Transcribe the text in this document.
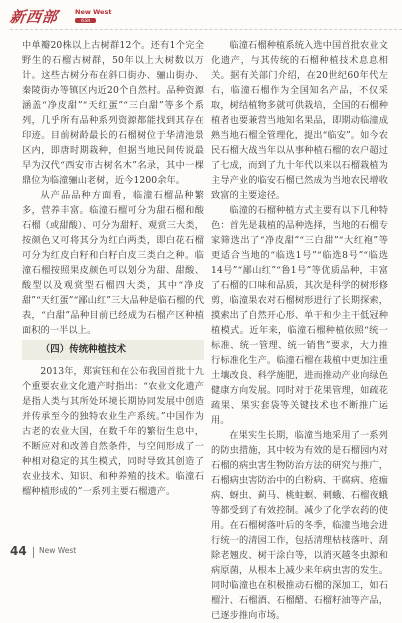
新西部 New West
ISSN

中单瓣20株以上古树群12个。还有1个完全野生的石榴古树群，50年以上大树数以万计。这些古树分布在斜口街办、骊山街办、秦陵街办等镇区内近20个自然村。品种资源涵盖“净皮甜”“天红蛋”“三白甜”等多个系列，几乎所有品种系列资源都能找到其存在印迹。目前树龄最长的石榴树位于华清池景区内，即唐时期栽种，但据当地民间传说最早为汉代“西安市古树名木”名录，其中一棵鼎位为临潼骊山老树，近今1200余年。

从产品品种方面看，临潼石榴品种繁多，营养丰富。临潼石榴可分为甜石榴和酸石榴（或甜酸）、可分为甜籽、观赏三大类，按颜色又可将其分为红白两类，即白花石榴可分为红皮白籽和白籽白皮三类白之种。临潼石榴按照果皮颜色可以划分为甜、甜酸、酸型以及观赏型石榴四大类，其中“净皮甜”“天红蛋”“鄙山红”三大品种是临石榴的代表，“白甜”品种目前已经成为石榴产区种植面积的一半以上。

（四）传统种植技术

2013年，郑寅钰和在公布我国首批十九个重要农业文化遗产时指出：“农业文化遗产是指人类与其所处环境长期协同发展中创造并传承至今的独特农业生产系统。”中国作为古老的农业大国，在数千年的繁衍生息中，不断应对和改善自然条件，与空间形成了一种相对稳定的其生模式，同时导致其创造了农业技术、知识、和种养殖的技术。临潼石榴种植形成的”一系列主要石榴遗产。

临潼石榴种植系统入选中国首批农业文化遗产，与其传统的石榴种植技术息息相关。据有关部门介绍，在20世纪60年代左右，临潼石榴作为全国知名产品，不仅采取，树结植物多就可供栽培，全国的石榴种植者也要兼营当地知名果品，即期动临潼成熟当地石榴全管理化，提出“临安”。如今农民石榴大战当年以从事种植石榴的农户超过了七成，而到了九十年代以来以石榴栽植为主导产业的临安石榴已然成为当地农民增收致富的主要途径。

临潼的石榴种植方式主要有以下几种特色：首先是栽植的品种选择，当地的石榴专家筛选出了“净皮甜”“三白甜”“大红袍”等更适合当地的“临选1号”“临选8号”“临选14号”“鄙山红”“鲁1号”等优质品种，丰富了石榴的口味和品质，其次是科学的树形修剪，临潼果农对石榴树形进行了长期探索，摸索出了自然开心形、单干和少主干低冠种植模式。近年来，临潼石榴种植依照“统一标准、统一管理、统一销售”要求，大力推行标准化生产。临潼石榴在栽植中更加注重土壤改良、科学施肥，进而推动产业向绿色健康方向发展。同时对于花果管理，如疏花疏果、果实套袋等关键技术也不断推广运用。

在果实生长期，临潼当地采用了一系列的防虫措施，其中较为有效的是石榴园内对石榴的病虫害生物防治方法的研究与推广，石榴病虫害防治中的白粉病、干腐病、疮痂病、蚜虫、蓟马、桃蛀螟、刺蛾、石榴夜蛾等都受到了有效控制。减少了化学农药的使用。在石榴树落叶后的冬季，临潼当地会进行统一的清园工作，包括清理枯枝落叶、刮除老翘皮、树干涂白等，以消灭越冬虫源和病原菌，从根本上减少来年病虫害的发生。同时临潼也在积极推动石榴的深加工，如石榴汁、石榴酒、石榴醋、石榴籽油等产品，已逐步推向市场。

44 New West
